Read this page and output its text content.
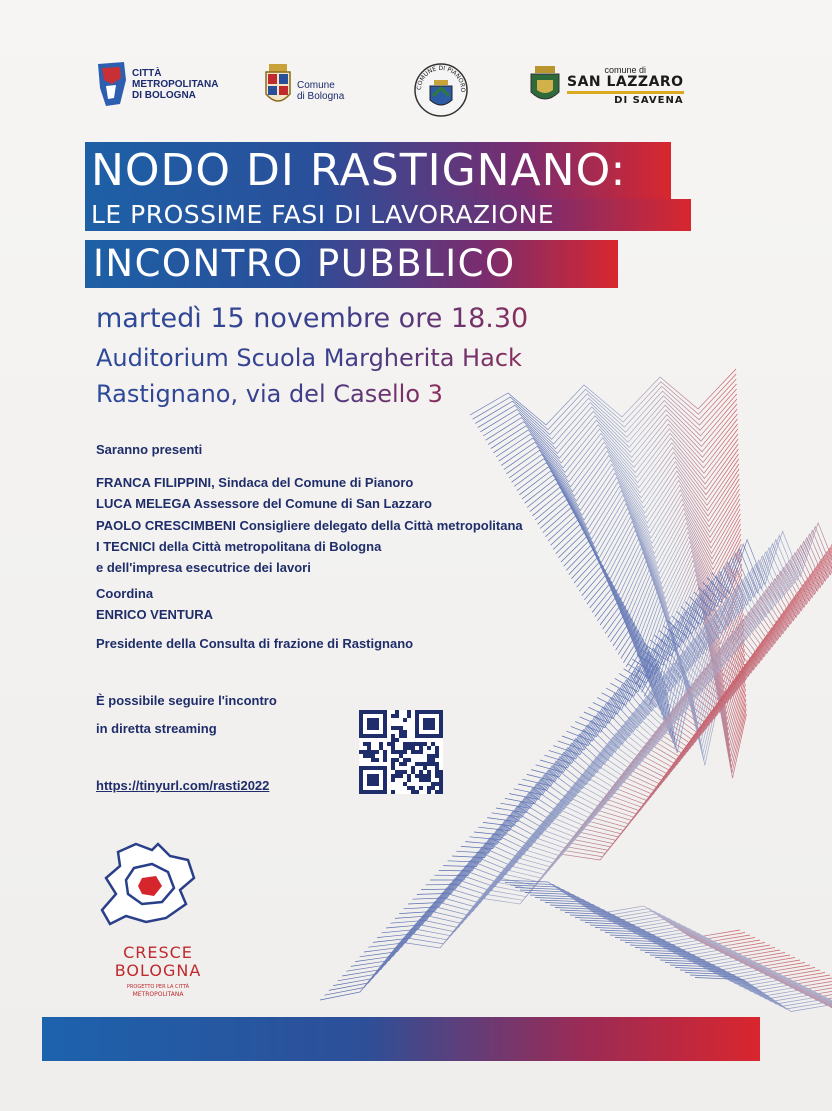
CITTÀ
METROPOLITANA
DI BOLOGNA
Comune
di Bologna
COMUNE DI PIANORO
comune di
SAN LAZZARO
DI SAVENA
NODO DI RASTIGNANO:
LE PROSSIME FASI DI LAVORAZIONE
INCONTRO PUBBLICO
martedì 15 novembre ore 18.30
Auditorium Scuola Margherita Hack
Rastignano, via del Casello 3
Saranno presenti
FRANCA FILIPPINI, Sindaca del Comune di Pianoro
LUCA MELEGA Assessore del Comune di San Lazzaro
PAOLO CRESCIMBENI Consigliere delegato della Città metropolitana
I TECNICI della Città metropolitana di Bologna
e dell'impresa esecutrice dei lavori
Coordina
ENRICO VENTURA
Presidente della Consulta di frazione di Rastignano
È possibile seguire l'incontro
in diretta streaming
https://tinyurl.com/rasti2022
CRESCE
BOLOGNA
PROGETTO PER LA CITTÀ
METROPOLITANA
